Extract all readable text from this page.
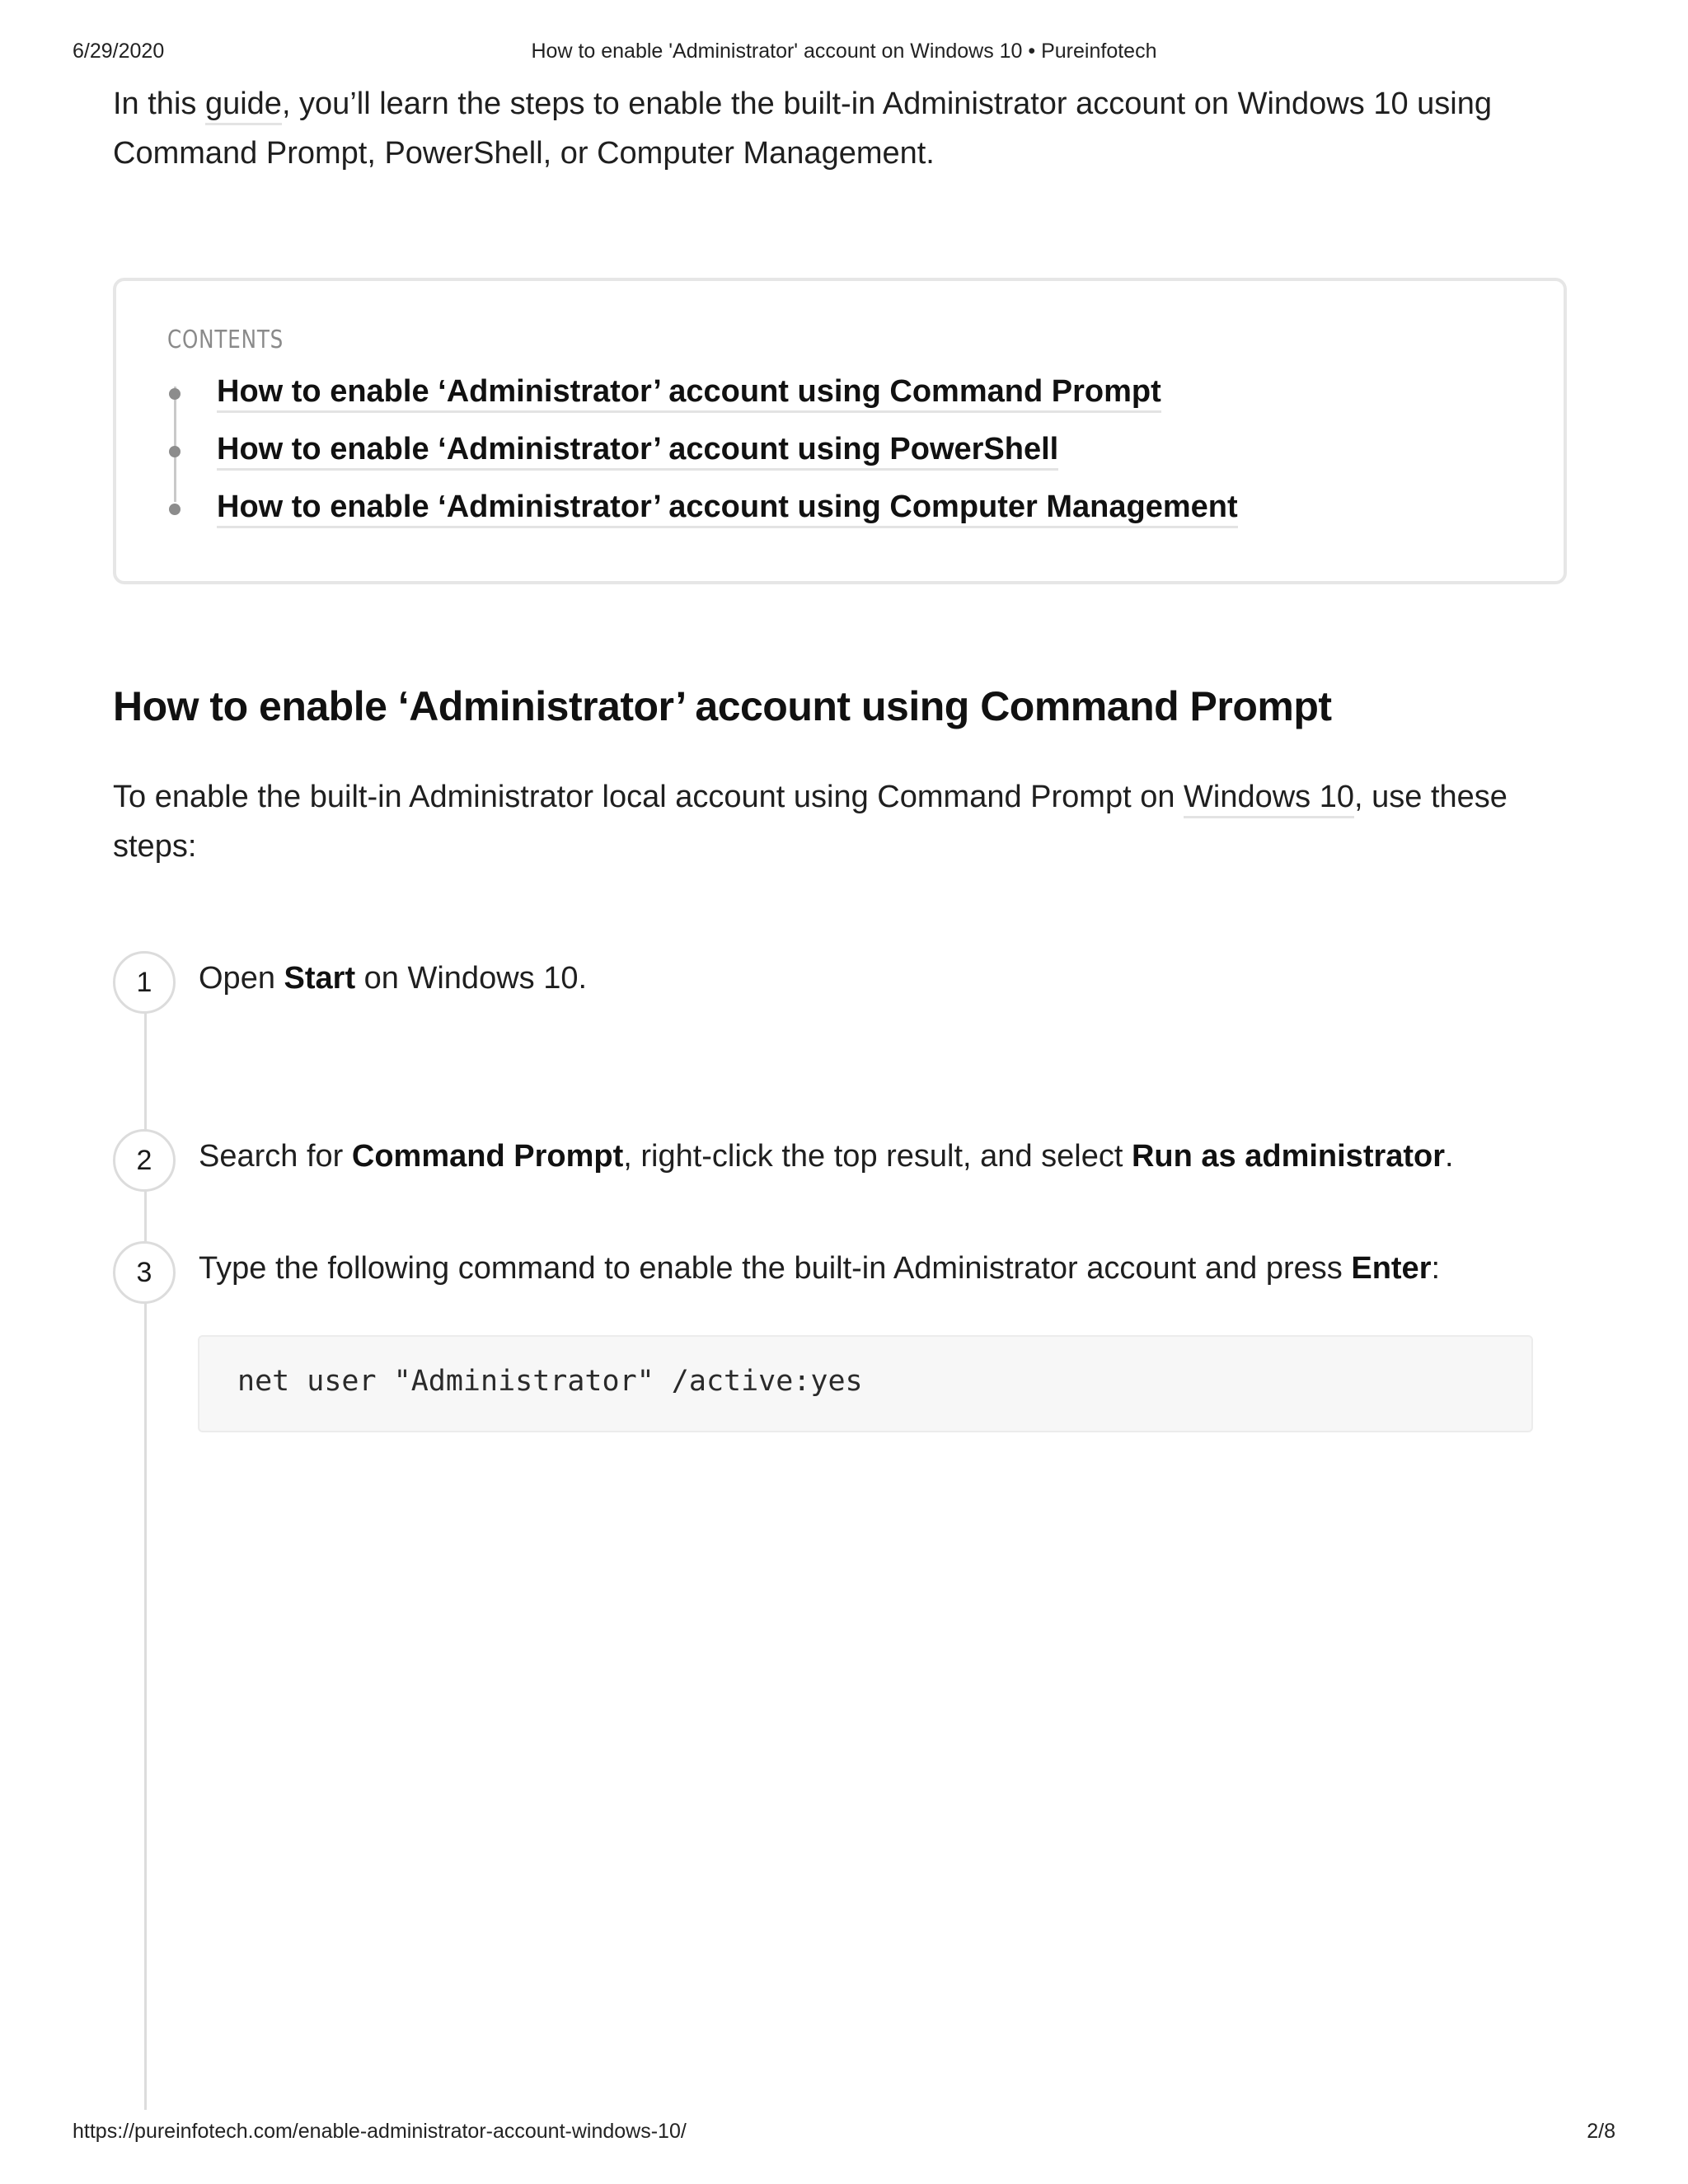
6/29/2020	How to enable 'Administrator' account on Windows 10 • Pureinfotech

In this guide, you’ll learn the steps to enable the built-in Administrator account on Windows 10 using Command Prompt, PowerShell, or Computer Management.

CONTENTS
How to enable ‘Administrator’ account using Command Prompt
How to enable ‘Administrator’ account using PowerShell
How to enable ‘Administrator’ account using Computer Management
How to enable ‘Administrator’ account using Command Prompt

To enable the built-in Administrator local account using Command Prompt on Windows 10, use these steps:

1	Open Start on Windows 10.
2	Search for Command Prompt, right-click the top result, and select Run as administrator.
3	Type the following command to enable the built-in Administrator account and press Enter:
net user "Administrator" /active:yes
https://pureinfotech.com/enable-administrator-account-windows-10/	2/8
